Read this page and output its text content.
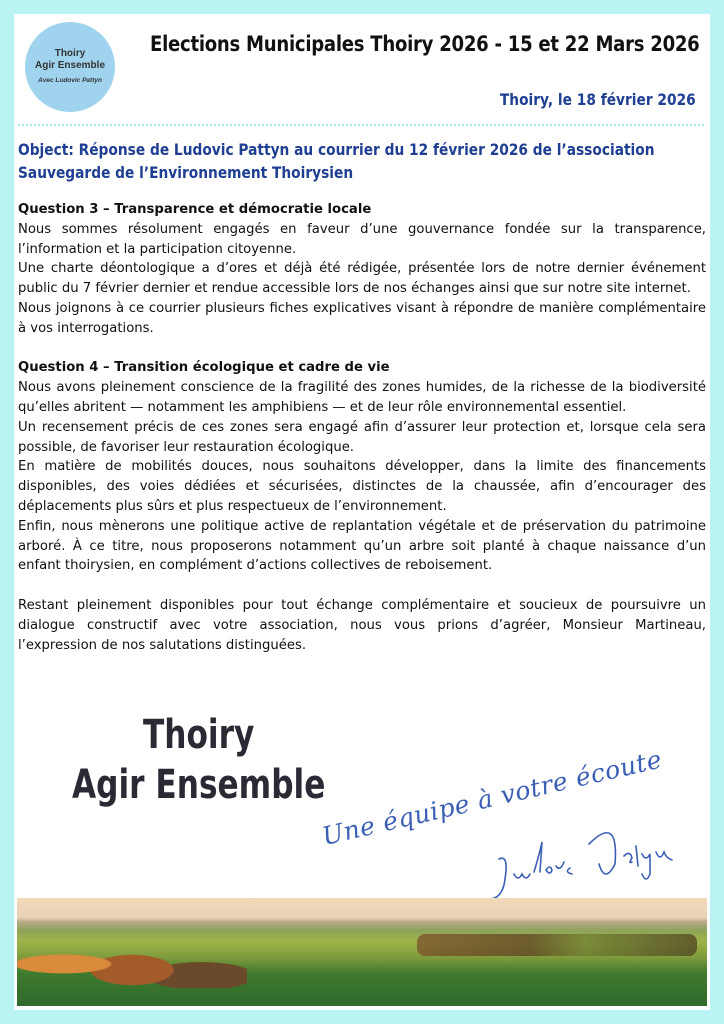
Thoiry
Agir Ensemble
Avec Ludovic Pattyn
Elections Municipales Thoiry 2026 - 15 et 22 Mars 2026
Thoiry, le 18 février 2026
Object: Réponse de Ludovic Pattyn au courrier du 12 février 2026 de l’association Sauvegarde de l’Environnement Thoirysien
Question 3 – Transparence et démocratie locale

Nous sommes résolument engagés en faveur d’une gouvernance fondée sur la transparence, l’information et la participation citoyenne.

Une charte déontologique a d’ores et déjà été rédigée, présentée lors de notre dernier événement public du 7 février dernier et rendue accessible lors de nos échanges ainsi que sur notre site internet.

Nous joignons à ce courrier plusieurs fiches explicatives visant à répondre de manière complémentaire à vos interrogations.

Question 4 – Transition écologique et cadre de vie

Nous avons pleinement conscience de la fragilité des zones humides, de la richesse de la biodiversité qu’elles abritent — notamment les amphibiens — et de leur rôle environnemental essentiel.

Un recensement précis de ces zones sera engagé afin d’assurer leur protection et, lorsque cela sera possible, de favoriser leur restauration écologique.

En matière de mobilités douces, nous souhaitons développer, dans la limite des financements disponibles, des voies dédiées et sécurisées, distinctes de la chaussée, afin d’encourager des déplacements plus sûrs et plus respectueux de l’environnement.

Enfin, nous mènerons une politique active de replantation végétale et de préservation du patrimoine arboré. À ce titre, nous proposerons notamment qu’un arbre soit planté à chaque naissance d’un enfant thoirysien, en complément d’actions collectives de reboisement.

Restant pleinement disponibles pour tout échange complémentaire et soucieux de poursuivre un dialogue constructif avec votre association, nous vous prions d’agréer, Monsieur Martineau, l’expression de nos salutations distinguées.

Thoiry
Agir Ensemble
Une équipe à votre écoute
